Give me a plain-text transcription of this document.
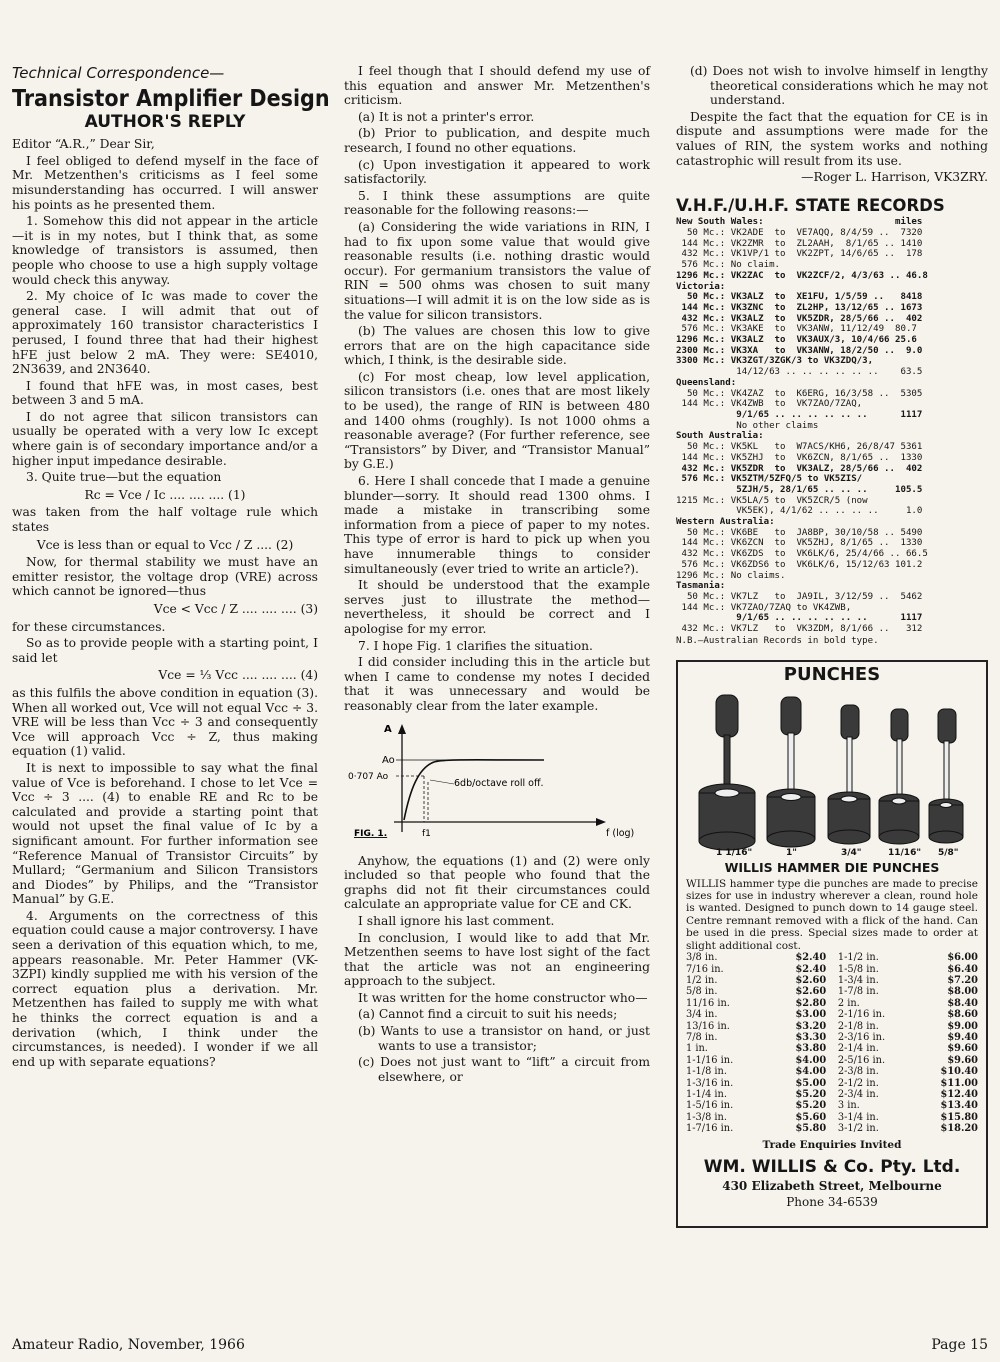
Technical Correspondence—
Transistor Amplifier Design
AUTHOR'S REPLY

Editor “A.R.,” Dear Sir,

I feel obliged to defend myself in the face of Mr. Metzenthen's criticisms as I feel some misunderstanding has occurred. I will answer his points as he presented them.

1. Somehow this did not appear in the article—it is in my notes, but I think that, as some knowledge of transistors is assumed, then people who choose to use a high supply voltage would check this anyway.

2. My choice of Ic was made to cover the general case. I will admit that out of approximately 160 transistor characteristics I perused, I found three that had their highest hFE just below 2 mA. They were: SE4010, 2N3639, and 2N3640.

I found that hFE was, in most cases, best between 3 and 5 mA.

I do not agree that silicon transistors can usually be operated with a very low Ic except where gain is of secondary importance and/or a higher input impedance desirable.

3. Quite true—but the equation

Rc = Vce / Ic .... .... .... (1)

was taken from the half voltage rule which states

Vce is less than or equal to Vcc / Z .... (2)

Now, for thermal stability we must have an emitter resistor, the voltage drop (VRE) across which cannot be ignored—thus

Vce < Vcc / Z .... .... .... (3)

for these circumstances.

So as to provide people with a starting point, I said let

Vce = ⅓ Vcc .... .... .... (4)

as this fulfils the above condition in equation (3). When all worked out, Vce will not equal Vcc ÷ 3. VRE will be less than Vcc ÷ 3 and consequently Vce will approach Vcc ÷ Z, thus making equation (1) valid.

It is next to impossible to say what the final value of Vce is beforehand. I chose to let Vce = Vcc ÷ 3 .... (4) to enable RE and Rc to be calculated and provide a starting point that would not upset the final value of Ic by a significant amount. For further information see “Reference Manual of Transistor Circuits” by Mullard; “Germanium and Silicon Transistors and Diodes” by Philips, and the “Transistor Manual” by G.E.

4. Arguments on the correctness of this equation could cause a major controversy. I have seen a derivation of this equation which, to me, appears reasonable. Mr. Peter Hammer (VK-3ZPI) kindly supplied me with his version of the correct equation plus a derivation. Mr. Metzenthen has failed to supply me with what he thinks the correct equation is and a derivation (which, I think under the circumstances, is needed). I wonder if we all end up with separate equations?

I feel though that I should defend my use of this equation and answer Mr. Metzenthen's criticism.

(a) It is not a printer's error.

(b) Prior to publication, and despite much research, I found no other equations.

(c) Upon investigation it appeared to work satisfactorily.

5. I think these assumptions are quite reasonable for the following reasons:—

(a) Considering the wide variations in RIN, I had to fix upon some value that would give reasonable results (i.e. nothing drastic would occur). For germanium transistors the value of RIN = 500 ohms was chosen to suit many situations—I will admit it is on the low side as is the value for silicon transistors.

(b) The values are chosen this low to give errors that are on the high capacitance side which, I think, is the desirable side.

(c) For most cheap, low level application, silicon transistors (i.e. ones that are most likely to be used), the range of RIN is between 480 and 1400 ohms (roughly). Is not 1000 ohms a reasonable average? (For further reference, see “Transistors” by Diver, and “Transistor Manual” by G.E.)

6. Here I shall concede that I made a genuine blunder—sorry. It should read 1300 ohms. I made a mistake in transcribing some information from a piece of paper to my notes. This type of error is hard to pick up when you have innumerable things to consider simultaneously (ever tried to write an article?).

It should be understood that the example serves just to illustrate the method—nevertheless, it should be correct and I apologise for my error.

7. I hope Fig. 1 clarifies the situation.

I did consider including this in the article but when I came to condense my notes I decided that it was unnecessary and would be reasonably clear from the later example.

A
Ao
0·707 Ao
6db/octave roll off.
FIG. 1.	f1	f (log)

Anyhow, the equations (1) and (2) were only included so that people who found that the graphs did not fit their circumstances could calculate an appropriate value for CE and CK.

I shall ignore his last comment.

In conclusion, I would like to add that Mr. Metzenthen seems to have lost sight of the fact that the article was not an engineering approach to the subject.

It was written for the home constructor who—

(a) Cannot find a circuit to suit his needs;

(b) Wants to use a transistor on hand, or just wants to use a transistor;

(c) Does not just want to “lift” a circuit from elsewhere, or

(d) Does not wish to involve himself in lengthy theoretical considerations which he may not understand.

Despite the fact that the equation for CE is in dispute and assumptions were made for the values of RIN, the system works and nothing catastrophic will result from its use.

—Roger L. Harrison, VK3ZRY.

V.H.F./U.H.F. STATE RECORDS
New South Wales:                        miles
50 Mc.: VK2ADE  to  VE7AQQ, 8/4/59 ..  7320
144 Mc.: VK2ZMR  to  ZL2AAH,  8/1/65 .. 1410
432 Mc.: VK1VP/1 to  VK2ZPT, 14/6/65 ..  178
576 Mc.: No claim.
1296 Mc.: VK2ZAC  to  VK2ZCF/2, 4/3/63 .. 46.8
Victoria:
50 Mc.: VK3ALZ  to  XE1FU, 1/5/59 ..   8418
144 Mc.: VK3ZNC  to  ZL2HP, 13/12/65 .. 1673
432 Mc.: VK3ALZ  to  VK5ZDR, 28/5/66 ..  402
576 Mc.: VK3AKE  to  VK3ANW, 11/12/49  80.7
1296 Mc.: VK3ALZ  to  VK3AUX/3, 10/4/66 25.6
2300 Mc.: VK3XA   to  VK3ANW, 18/2/50 ..  9.0
3300 Mc.: VK3ZGT/3ZGK/3 to VK3ZDQ/3,
14/12/63 .. .. .. .. .. ..    63.5
Queensland:
50 Mc.: VK4ZAZ  to  K6ERG, 16/3/58 ..  5305
144 Mc.: VK4ZWB  to  VK7ZAO/7ZAQ,
9/1/65 .. .. .. .. .. ..      1117
No other claims
South Australia:
50 Mc.: VK5KL   to  W7ACS/KH6, 26/8/47 5361
144 Mc.: VK5ZHJ  to  VK6ZCN, 8/1/65 ..  1330
432 Mc.: VK5ZDR  to  VK3ALZ, 28/5/66 ..  402
576 Mc.: VK5ZTM/5ZFQ/5 to VK5ZIS/
5ZJH/5, 28/1/65 .. .. ..     105.5
1215 Mc.: VK5LA/5 to  VK5ZCR/5 (now
VK5EK), 4/1/62 .. .. .. ..     1.0
Western Australia:
50 Mc.: VK6BE   to  JA8BP, 30/10/58 .. 5490
144 Mc.: VK6ZCN  to  VK5ZHJ, 8/1/65 ..  1330
432 Mc.: VK6ZDS  to  VK6LK/6, 25/4/66 .. 66.5
576 Mc.: VK6ZDS6 to  VK6LK/6, 15/12/63 101.2
1296 Mc.: No claims.
Tasmania:
50 Mc.: VK7LZ   to  JA9IL, 3/12/59 ..  5462
144 Mc.: VK7ZAO/7ZAQ to VK4ZWB,
9/1/65 .. .. .. .. .. ..      1117
432 Mc.: VK7LZ   to  VK3ZDM, 8/1/66 ..   312
N.B.—Australian Records in bold type.
PUNCHES
1 1/16"	1"	3/4"	11/16" 5/8"
WILLIS HAMMER DIE PUNCHES
WILLIS hammer type die punches are made to precise sizes for use in industry wherever a clean, round hole is wanted. Designed to punch down to 14 gauge steel. Centre remnant removed with a flick of the hand. Can be used in die press. Special sizes made to order at slight additional cost.
3/8 in.	$2.40
7/16 in.	$2.40
1/2 in.	$2.60
5/8 in.	$2.60
11/16 in.	$2.80
3/4 in.	$3.00
13/16 in.	$3.20
7/8 in.	$3.30
1 in.	$3.80
1-1/16 in.	$4.00
1-1/8 in.	$4.00
1-3/16 in.	$5.00
1-1/4 in.	$5.20
1-5/16 in.	$5.20
1-3/8 in.	$5.60
1-7/16 in.	$5.80
1-1/2 in.	$6.00
1-5/8 in.	$6.40
1-3/4 in.	$7.20
1-7/8 in.	$8.00
2 in.	$8.40
2-1/16 in.	$8.60
2-1/8 in.	$9.00
2-3/16 in.	$9.40
2-1/4 in.	$9.60
2-5/16 in.	$9.60
2-3/8 in.	$10.40
2-1/2 in.	$11.00
2-3/4 in.	$12.40
3 in.	$13.40
3-1/4 in.	$15.80
3-1/2 in.	$18.20
Trade Enquiries Invited
WM. WILLIS & Co. Pty. Ltd.
430 Elizabeth Street, Melbourne
Phone 34-6539
Amateur Radio, November, 1966	Page 15
